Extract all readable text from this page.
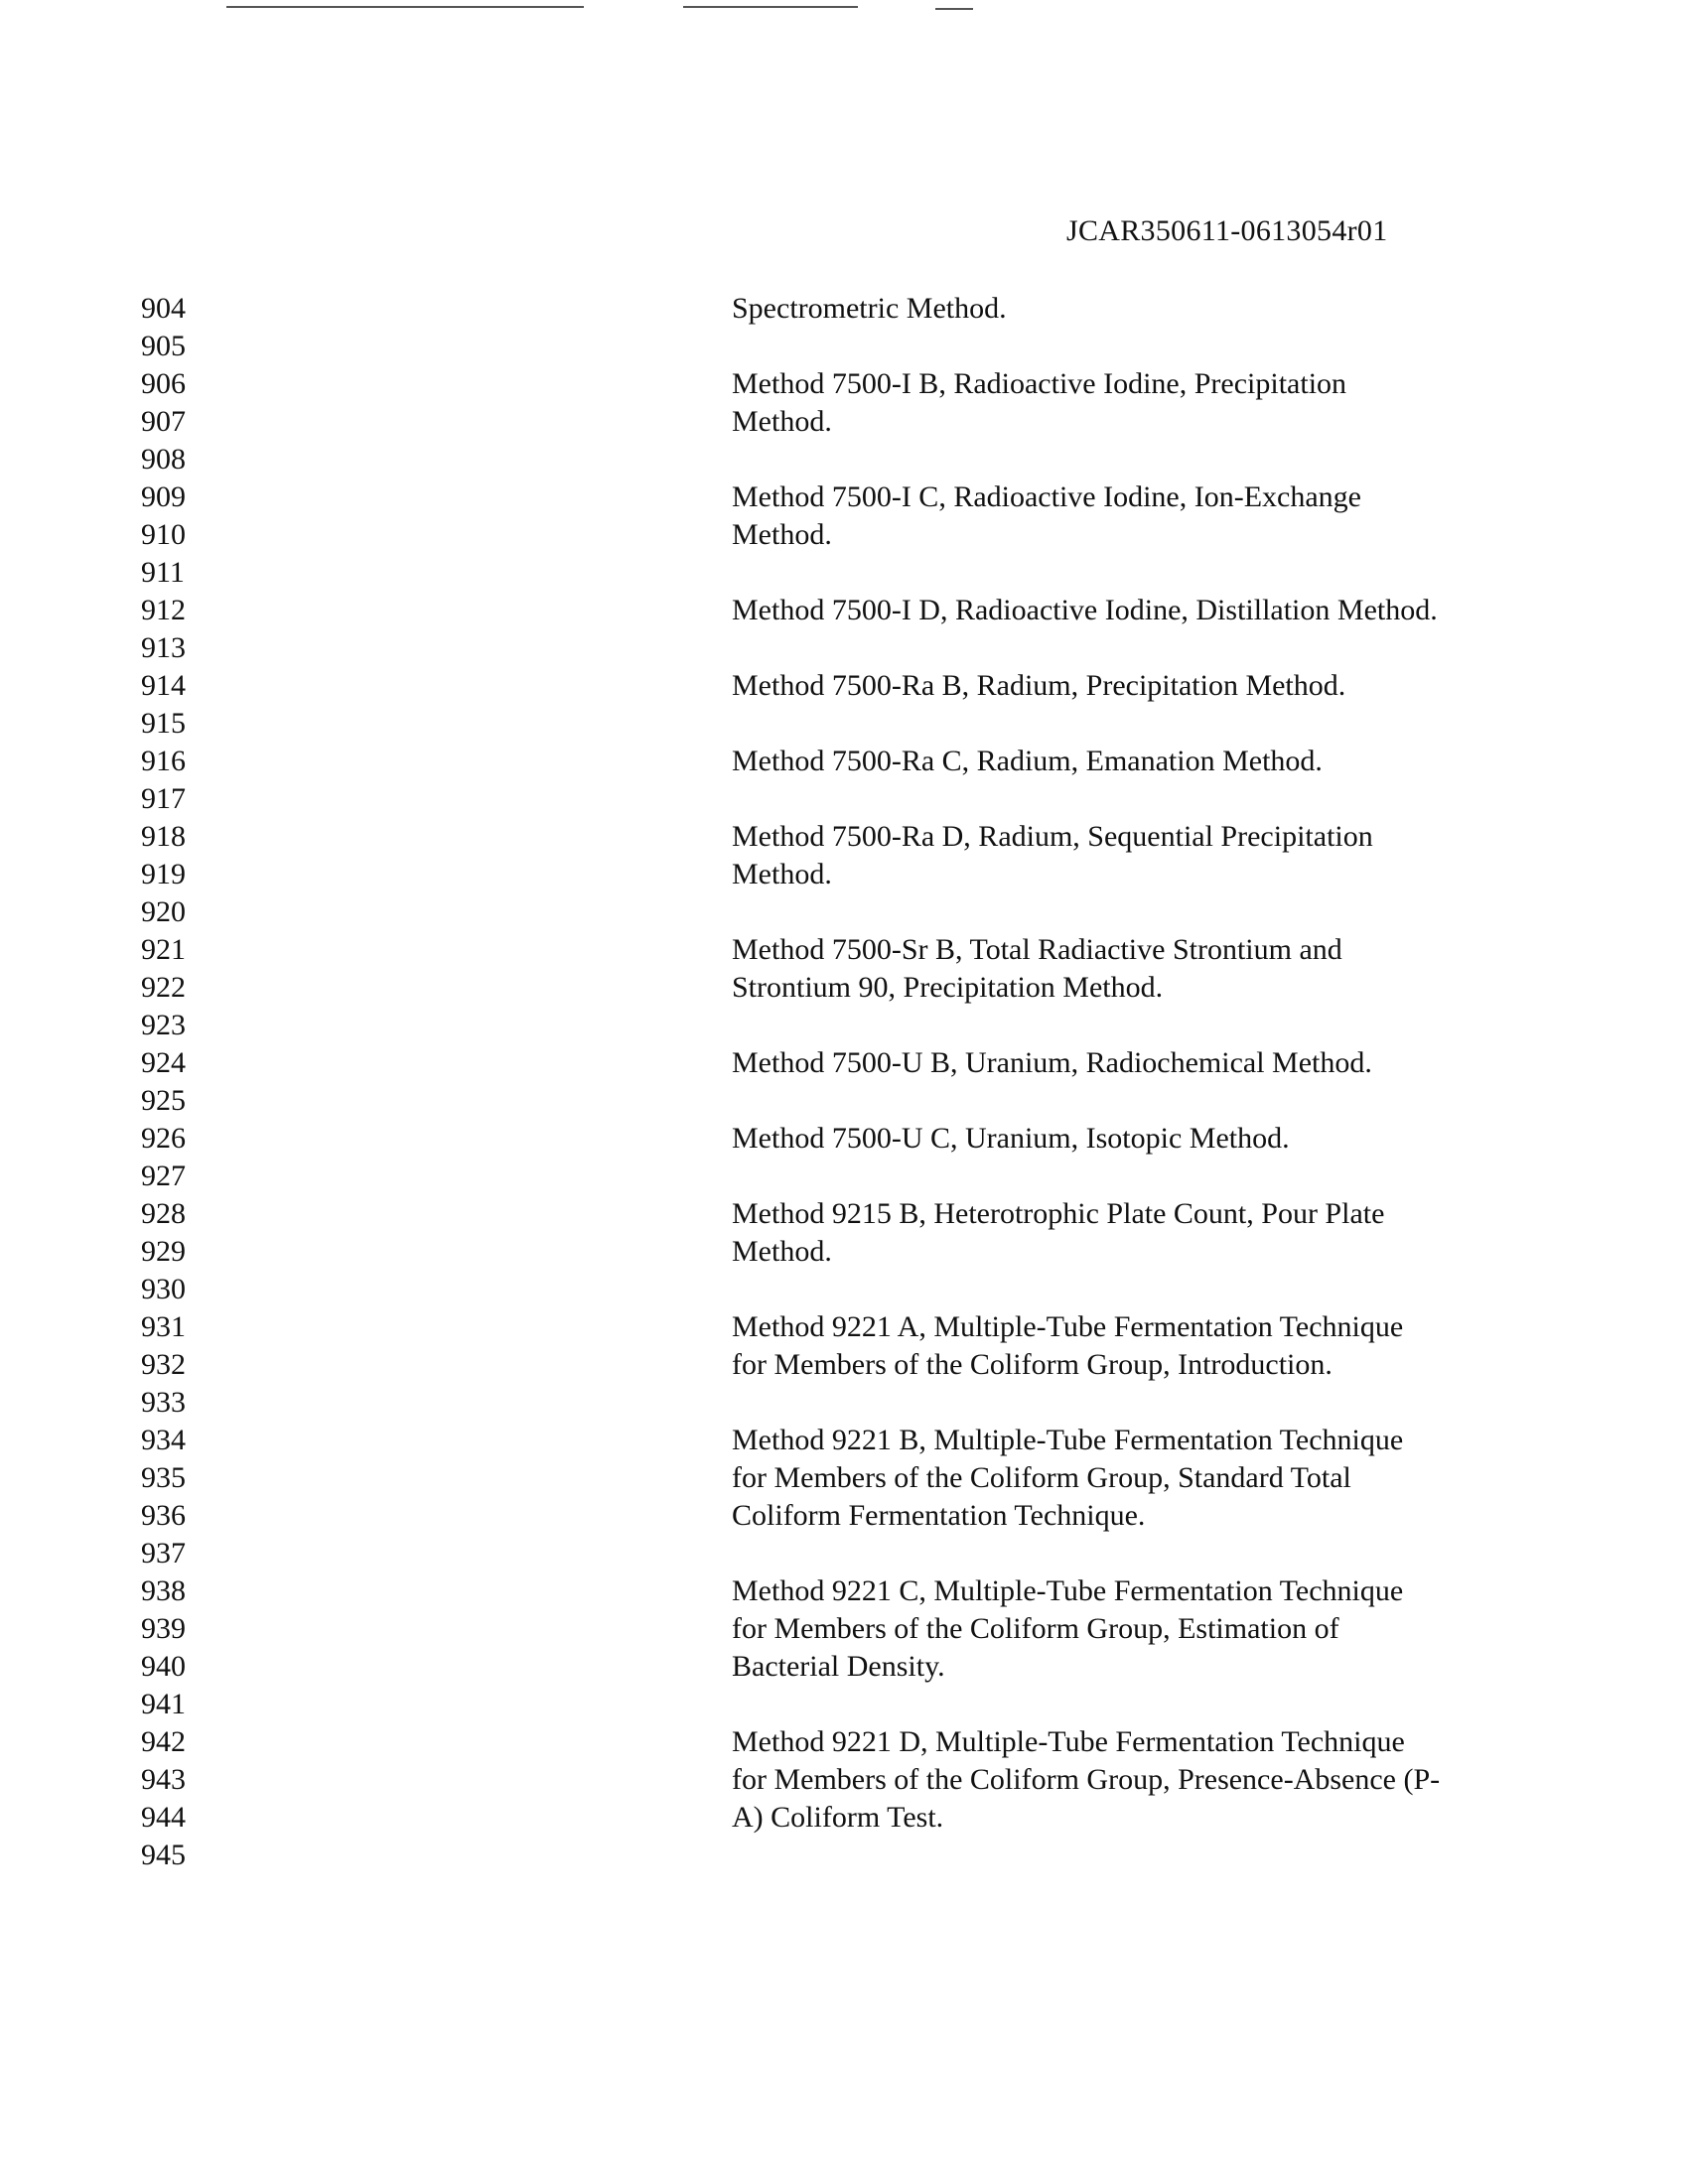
JCAR350611-0613054r01
904
905
906
907
908
909
910
911
912
913
914
915
916
917
918
919
920
921
922
923
924
925
926
927
928
929
930
931
932
933
934
935
936
937
938
939
940
941
942
943
944
945
Spectrometric Method.
Method 7500-I B, Radioactive Iodine, Precipitation
Method.
Method 7500-I C, Radioactive Iodine, Ion-Exchange
Method.
Method 7500-I D, Radioactive Iodine, Distillation Method.
Method 7500-Ra B, Radium, Precipitation Method.
Method 7500-Ra C, Radium, Emanation Method.
Method 7500-Ra D, Radium, Sequential Precipitation
Method.
Method 7500-Sr B, Total Radiactive Strontium and
Strontium 90, Precipitation Method.
Method 7500-U B, Uranium, Radiochemical Method.
Method 7500-U C, Uranium, Isotopic Method.
Method 9215 B, Heterotrophic Plate Count, Pour Plate
Method.
Method 9221 A, Multiple-Tube Fermentation Technique
for Members of the Coliform Group, Introduction.
Method 9221 B, Multiple-Tube Fermentation Technique
for Members of the Coliform Group, Standard Total
Coliform Fermentation Technique.
Method 9221 C, Multiple-Tube Fermentation Technique
for Members of the Coliform Group, Estimation of
Bacterial Density.
Method 9221 D, Multiple-Tube Fermentation Technique
for Members of the Coliform Group, Presence-Absence (P-
A) Coliform Test.
